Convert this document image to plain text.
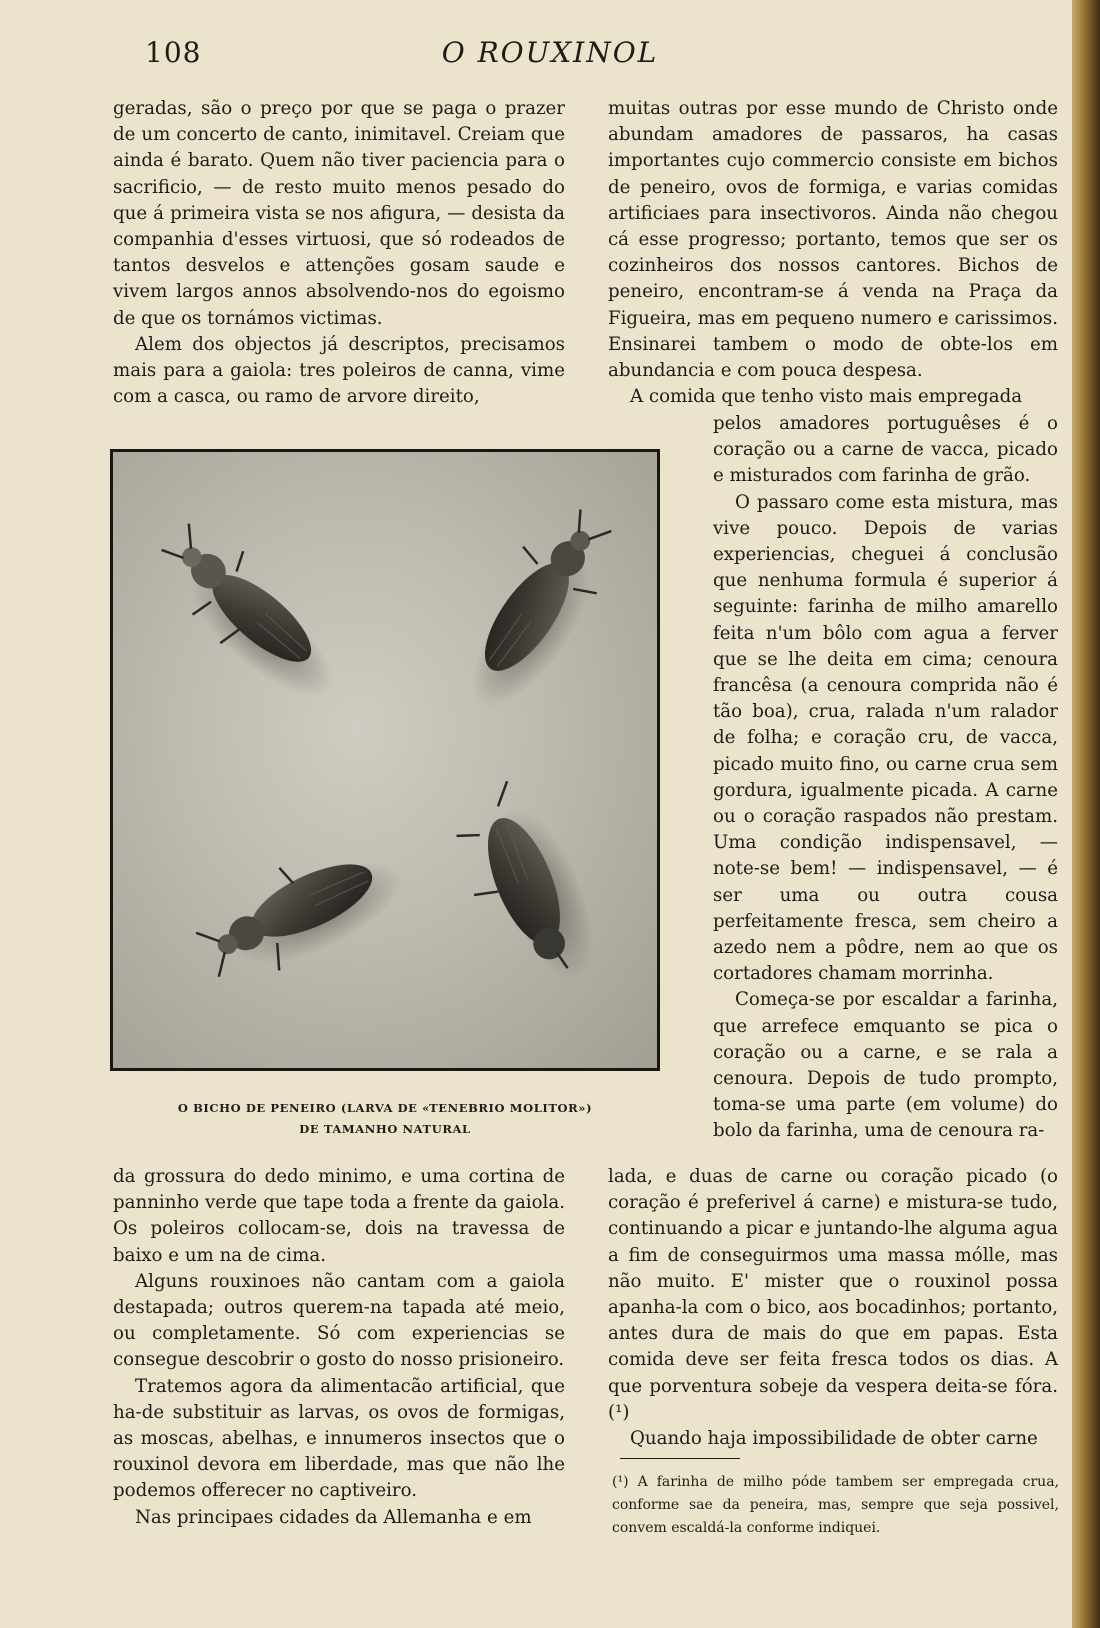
108	O ROUXINOL

geradas, são o preço por que se paga o prazer de um concerto de canto, inimitavel. Creiam que ainda é barato. Quem não tiver paciencia para o sacrificio, — de resto muito menos pesado do que á primeira vista se nos afigura, — desista da companhia d'esses virtuosi, que só rodeados de tantos desvelos e attenções gosam saude e vivem largos annos absolvendo-nos do egoismo de que os tornámos victimas.

Alem dos objectos já descriptos, precisamos mais para a gaiola: tres poleiros de canna, vime com a casca, ou ramo de arvore direito,

O BICHO DE PENEIRO (LARVA DE «TENEBRIO MOLITOR»)
DE TAMANHO NATURAL

da grossura do dedo minimo, e uma cortina de panninho verde que tape toda a frente da gaiola. Os poleiros collocam-se, dois na travessa de baixo e um na de cima.

Alguns rouxinoes não cantam com a gaiola destapada; outros querem-na tapada até meio, ou completamente. Só com experiencias se consegue descobrir o gosto do nosso prisioneiro.

Tratemos agora da alimentacão artificial, que ha-de substituir as larvas, os ovos de formigas, as moscas, abelhas, e innumeros insectos que o rouxinol devora em liberdade, mas que não lhe podemos offerecer no captiveiro.

Nas principaes cidades da Allemanha e em

muitas outras por esse mundo de Christo onde abundam amadores de passaros, ha casas importantes cujo commercio consiste em bichos de peneiro, ovos de formiga, e varias comidas artificiaes para insectivoros. Ainda não chegou cá esse progresso; portanto, temos que ser os cozinheiros dos nossos cantores. Bichos de peneiro, encontram-se á venda na Praça da Figueira, mas em pequeno numero e carissimos. Ensinarei tambem o modo de obte-los em abundancia e com pouca despesa.

A comida que tenho visto mais empregada

pelos amadores portuguêses é o coração ou a carne de vacca, picado e misturados com farinha de grão.

O passaro come esta mistura, mas vive pouco. Depois de varias experiencias, cheguei á conclusão que nenhuma formula é superior á seguinte: farinha de milho amarello feita n'um bôlo com agua a ferver que se lhe deita em cima; cenoura francêsa (a cenoura comprida não é tão boa), crua, ralada n'um ralador de folha; e coração cru, de vacca, picado muito fino, ou carne crua sem gordura, igualmente picada. A carne ou o coração raspados não prestam. Uma condição indispensavel, — note-se bem! — indispensavel, — é ser uma ou outra cousa perfeitamente fresca, sem cheiro a azedo nem a pôdre, nem ao que os cortadores chamam morrinha.

Começa-se por escaldar a farinha, que arrefece emquanto se pica o coração ou a carne, e se rala a cenoura. Depois de tudo prompto, toma-se uma parte (em volume) do bolo da farinha, uma de cenoura ra-

lada, e duas de carne ou coração picado (o coração é preferivel á carne) e mistura-se tudo, continuando a picar e juntando-lhe alguma agua a fim de conseguirmos uma massa mólle, mas não muito. E' mister que o rouxinol possa apanha-la com o bico, aos bocadinhos; portanto, antes dura de mais do que em papas. Esta comida deve ser feita fresca todos os dias. A que porventura sobeje da vespera deita-se fóra. (¹)

Quando haja impossibilidade de obter carne

(¹) A farinha de milho póde tambem ser empregada crua, conforme sae da peneira, mas, sempre que seja possivel, convem escaldá-la conforme indiquei.
